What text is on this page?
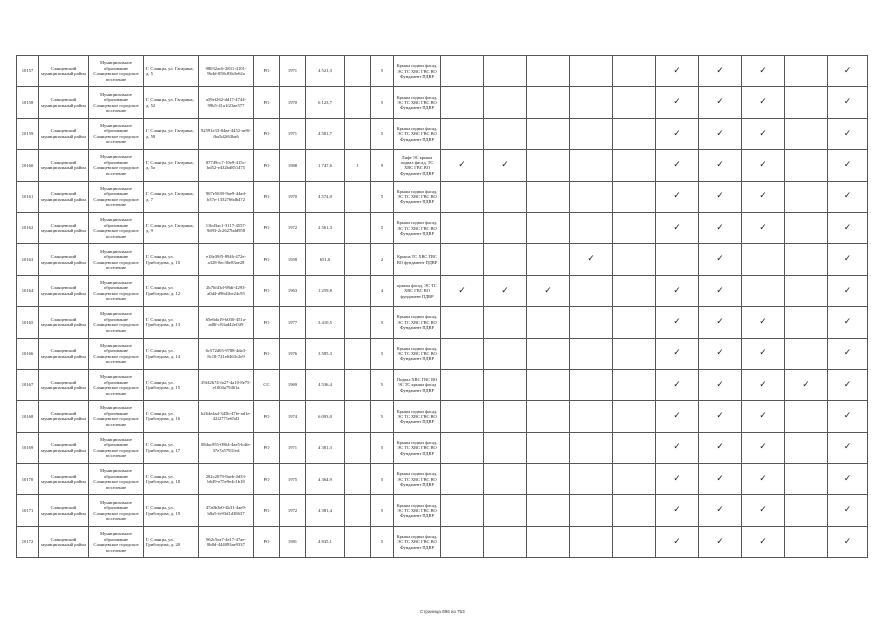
10157	Сланцевский муниципальный район	Муниципальное образование Сланцевское городское поселение	Г. Сланцы, ул. Гагарина, д. 5	98032ac6-2831-4101-9b4d-858c83b3e62a	РО	1971	4 521,3		5	Крыша подвал фасад, ЭС ТС ХВС ГВС ВО Фундамент ПДВР						✓	✓	✓		✓
10158	Сланцевский муниципальный район	Муниципальное образование Сланцевское городское поселение	Г. Сланцы, ул. Гагарина, д. 52	a59ef262-dd17-4744-99b5-41a1f23ae577	РО	1970	6 123,7		5	Крыша подвал фасад, ЭС ТС ХВС ГВС ВО Фундамент ПДВР						✓	✓	✓		✓
10159	Сланцевский муниципальный район	Муниципальное образование Сланцевское городское поселение	Г. Сланцы, ул. Гагарина, д. 58	92591e33-84ea-4452-ae9f-fba5d2f63ba6	РО	1971	4 581,7		5	Крыша подвал фасад, ЭС ТС ХВС ГВС ВО Фундамент ПДВР						✓	✓	✓		✓
10160	Сланцевский муниципальный район	Муниципальное образование Сланцевское городское поселение	Г. Сланцы, ул. Гагарина, д. 5а	87749cc7-10e9-415c-bd52-e432bd851475	РО	1988	1 747,6	1	9	Лифт ЭС крыша подвал фасад, ТС ХВС ГВС ВО Фундамент ПДВР	✓	✓				✓	✓	✓		✓
10161	Сланцевский муниципальный район	Муниципальное образование Сланцевское городское поселение	Г. Сланцы, ул. Гагарина, д. 7	907e5639-9ae9-44ad-b37e-1332766db472	РО	1970	4 574,0		5	Крыша подвал фасад, ЭС ТС ХВС ГВС ВО Фундамент ПДВР						✓	✓	✓		✓
10162	Сланцевский муниципальный район	Муниципальное образование Сланцевское городское поселение	Г. Сланцы, ул. Гагарина, д. 9	11bd3ac1-3117-4557-9d93-2c2627bdd958	РО	1972	2 561,3		5	Крыша подвал фасад, ЭС ТС ХВС ГВС ВО Фундамент ПДВР						✓	✓	✓		✓
10163	Сланцевский муниципальный район	Муниципальное образование Сланцевское городское поселение	Г. Сланцы, ул. Грибоедова, д. 10	e18e39f5-8946-472e-a328-8ec36e83ae28	РО	1958	651,0		2	Крыша ТС ХВС ГВС ВО фундамент ПДВР				✓			✓			✓
10164	Сланцевский муниципальный район	Муниципальное образование Сланцевское городское поселение	Г. Сланцы, ул. Грибоедова, д. 12	2b76f43d-98df-4293-a0d4-d96d1be24c95	РО	1963	1 259,8		4	крыша фасад, ЭС ТС ХВС ГВС ВО фундамент ПДВР	✓	✓	✓			✓	✓			✓
10165	Сланцевский муниципальный район	Муниципальное образование Сланцевское городское поселение	Г. Сланцы, ул. Грибоедова, д. 13	65e6da19-b030-451a-ad8f-c83ad42ef3f9	РО	1977	3 410,5		5	Крыша подвал фасад, ЭС ТС ХВС ГВС ВО Фундамент ПДВР						✓	✓	✓		✓
10166	Сланцевский муниципальный район	Муниципальное образование Сланцевское городское поселение	Г. Сланцы, ул. Грибоедова, д. 14	6c572d03-9788-4da3-8c18-721e6463c2e9	РО	1976	3 585,3		5	Крыша подвал фасад, ЭС ТС ХВС ГВС ВО Фундамент ПДВР						✓	✓	✓		✓
10167	Сланцевский муниципальный район	Муниципальное образование Сланцевское городское поселение	Г. Сланцы, ул. Грибоедова, д. 15	29f42b74-fa27-4a10-8e75-e1004a79461a	СС	1969	4 536,4		5	Подвал ХВС ГВС ВО ЭС ТС крыша фасад Фундамент ПДВР						✓	✓	✓	✓	✓
10168	Сланцевский муниципальный район	Муниципальное образование Сланцевское городское поселение	Г. Сланцы, ул. Грибоедова, д. 16	b264e4ad-345b-47fe-ad1e-42f2771e65d3	РО	1974	6 093,0		5	Крыша подвал фасад, ЭС ТС ХВС ГВС ВО Фундамент ПДВР						✓	✓	✓		✓
10169	Сланцевский муниципальный район	Муниципальное образование Сланцевское городское поселение	Г. Сланцы, ул. Грибоедова, д. 17	08dac955-0964-4ae5-b4fe-37e7a57931ed	РО	1971	4 381,3		5	Крыша подвал фасад, ЭС ТС ХВС ГВС ВО Фундамент ПДВР						✓	✓	✓		✓
10170	Сланцевский муниципальный район	Муниципальное образование Сланцевское городское поселение	Г. Сланцы, ул. Грибоедова, д. 18	282c2079-9aeb-4d33-b649-e75e9e4c1b18	РО	1975	4 364,9		5	Крыша подвал фасад, ЭС ТС ХВС ГВС ВО Фундамент ПДВР						✓	✓	✓		✓
10171	Сланцевский муниципальный район	Муниципальное образование Сланцевское городское поселение	Г. Сланцы, ул. Грибоедова, д. 19	47a0b3e0-4b31-4ae9-b8a5-fe93d1d38637	РО	1972	4 381,4		5	Крыша подвал фасад, ЭС ТС ХВС ГВС ВО Фундамент ПДВР						✓	✓	✓		✓
10172	Сланцевский муниципальный район	Муниципальное образование Сланцевское городское поселение	Г. Сланцы, ул. Грибоедова, д. 20	962c5ea7-4e17-47ae-8b0d-444093ae9337	РО	1981	4 835,1		5	Крыша подвал фасад, ЭС ТС ХВС ГВС ВО Фундамент ПДВР						✓	✓	✓		✓
Страница 696 из 753
